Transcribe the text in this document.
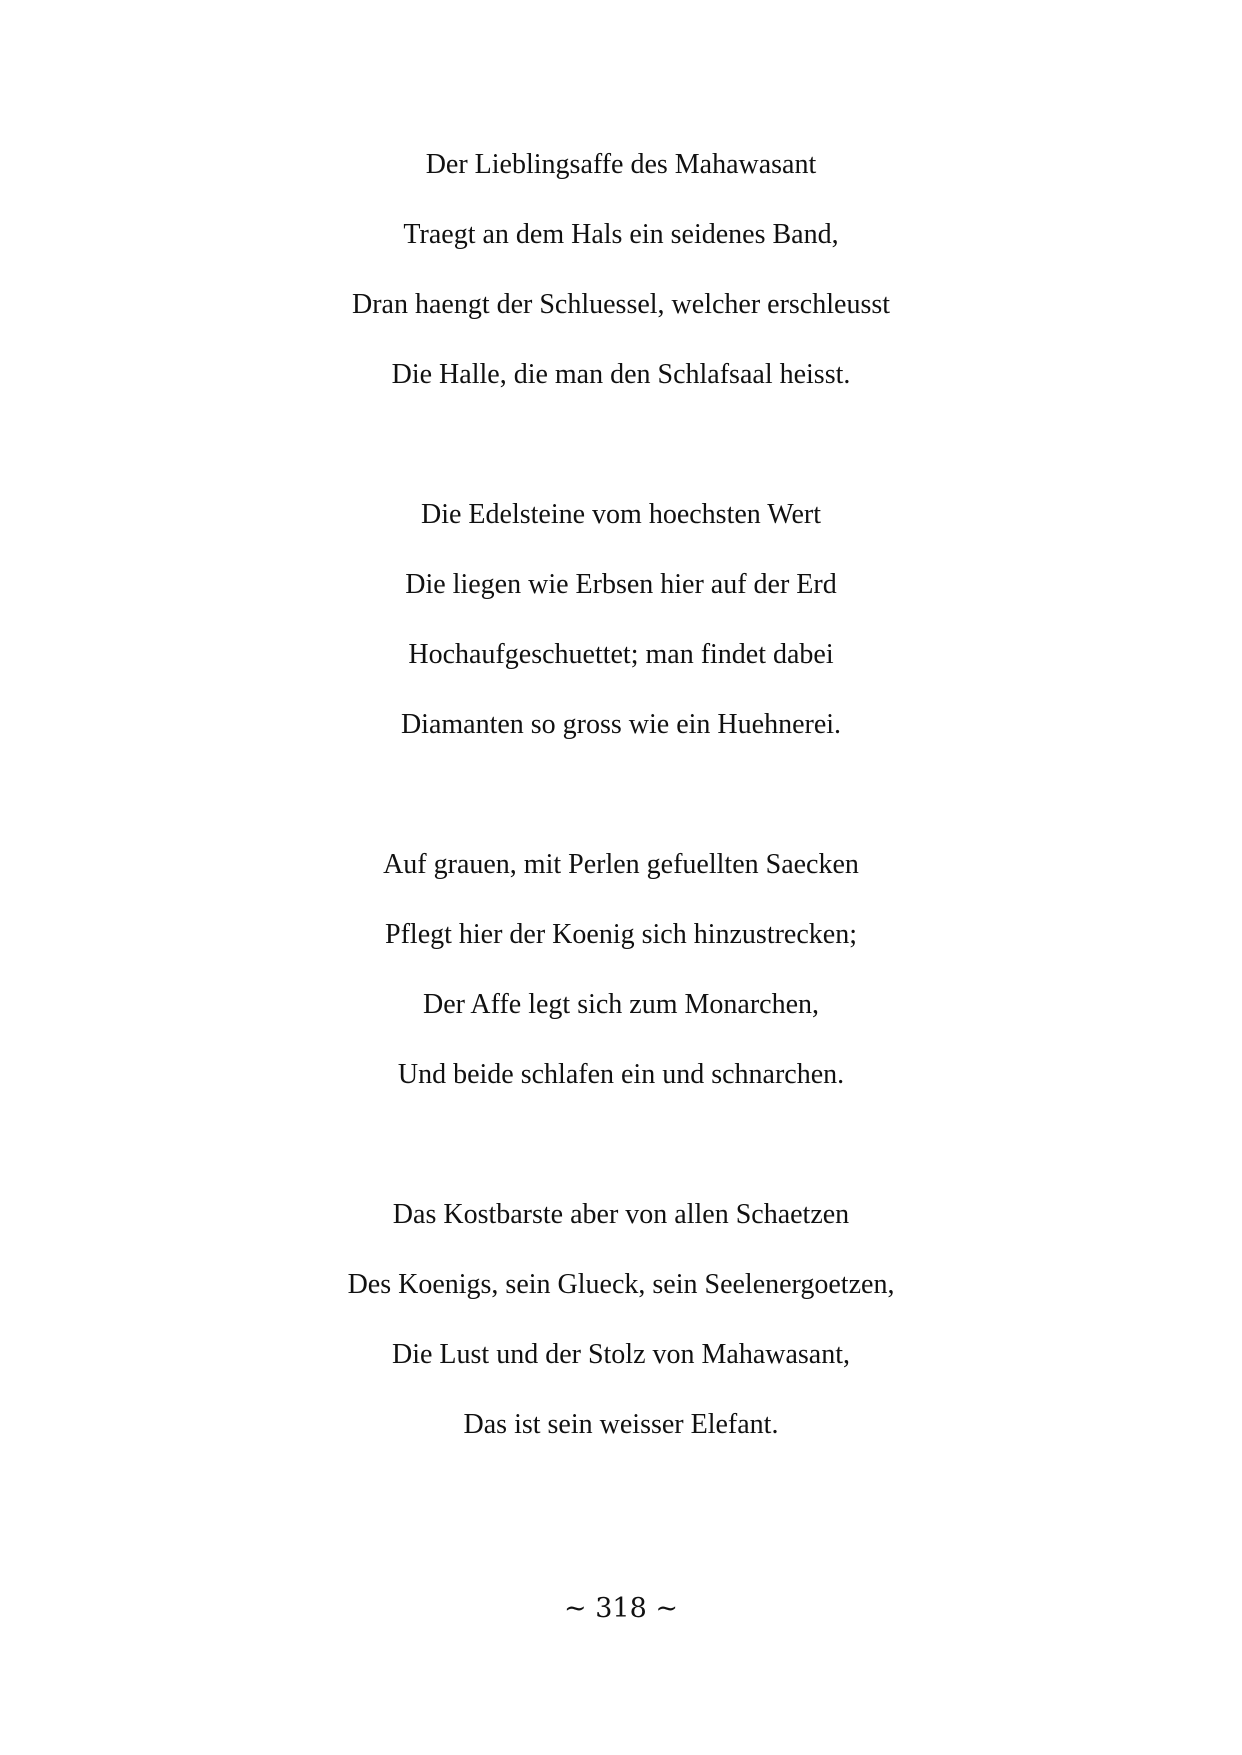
Der Lieblingsaffe des Mahawasant
Traegt an dem Hals ein seidenes Band,
Dran haengt der Schluessel, welcher erschleusst
Die Halle, die man den Schlafsaal heisst.
Die Edelsteine vom hoechsten Wert
Die liegen wie Erbsen hier auf der Erd
Hochaufgeschuettet; man findet dabei
Diamanten so gross wie ein Huehnerei.
Auf grauen, mit Perlen gefuellten Saecken
Pflegt hier der Koenig sich hinzustrecken;
Der Affe legt sich zum Monarchen,
Und beide schlafen ein und schnarchen.
Das Kostbarste aber von allen Schaetzen
Des Koenigs, sein Glueck, sein Seelenergoetzen,
Die Lust und der Stolz von Mahawasant,
Das ist sein weisser Elefant.
~ 318 ~
